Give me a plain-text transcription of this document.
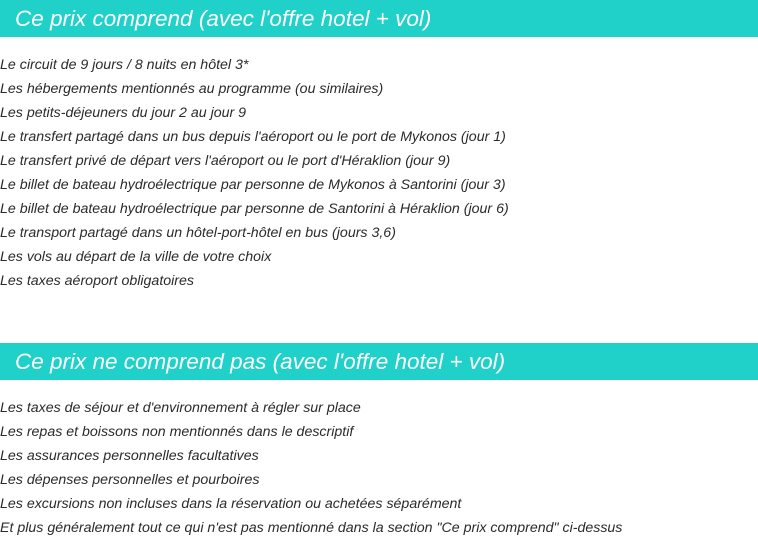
Ce prix comprend (avec l'offre hotel + vol)
Le circuit de 9 jours / 8 nuits en hôtel 3*
Les hébergements mentionnés au programme (ou similaires)
Les petits-déjeuners du jour 2 au jour 9
Le transfert partagé dans un bus depuis l'aéroport ou le port de Mykonos (jour 1)
Le transfert privé de départ vers l'aéroport ou le port d'Héraklion (jour 9)
Le billet de bateau hydroélectrique par personne de Mykonos à Santorini (jour 3)
Le billet de bateau hydroélectrique par personne de Santorini à Héraklion (jour 6)
Le transport partagé dans un hôtel-port-hôtel en bus (jours 3,6)
Les vols au départ de la ville de votre choix
Les taxes aéroport obligatoires
Ce prix ne comprend pas (avec l'offre hotel + vol)
Les taxes de séjour et d'environnement à régler sur place
Les repas et boissons non mentionnés dans le descriptif
Les assurances personnelles facultatives
Les dépenses personnelles et pourboires
Les excursions non incluses dans la réservation ou achetées séparément
Et plus généralement tout ce qui n'est pas mentionné dans la section "Ce prix comprend" ci-dessus
